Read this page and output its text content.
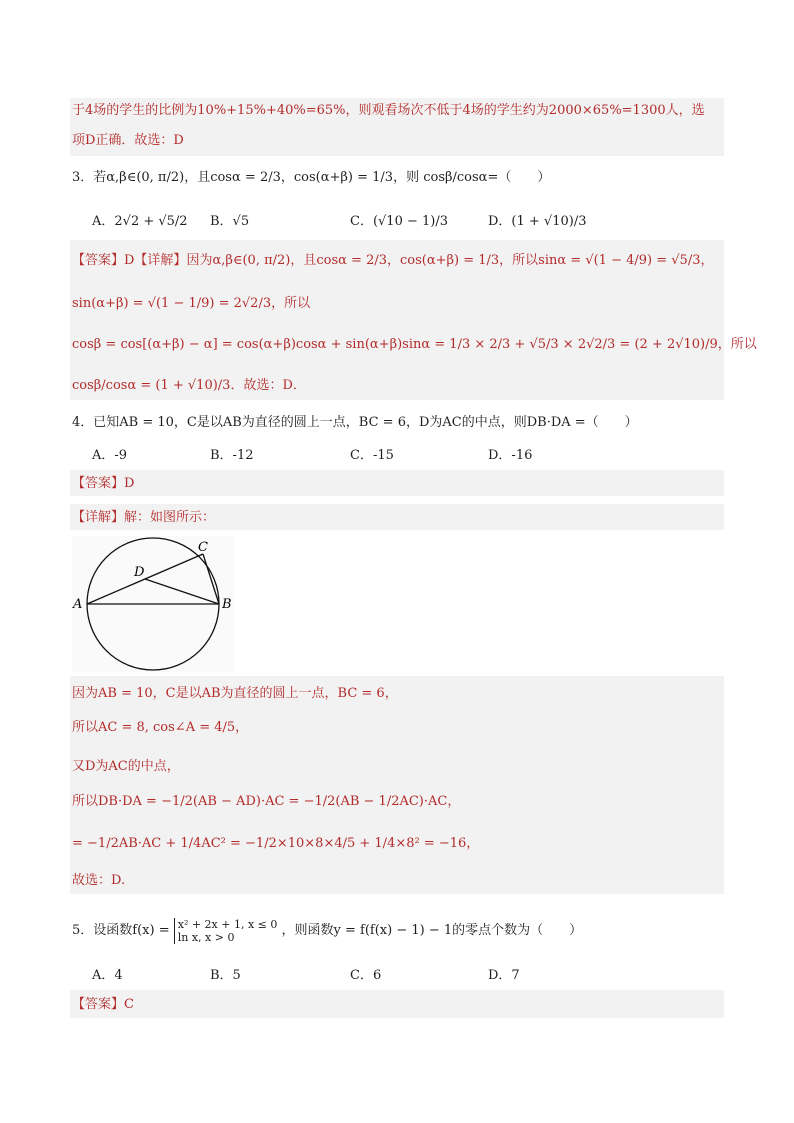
于4场的学生的比例为10%+15%+40%=65%，则观看场次不低于4场的学生约为2000×65%=1300人，选
项D正确．故选：D
3．若α,β∈(0, π/2)，且cosα = 2/3，cos(α+β) = 1/3，则 cosβ/cosα=（　　）
A．2√2 + √5/2 B．√5	C．(√10 − 1)/3	D．(1 + √10)/3
【答案】D【详解】因为α,β∈(0, π/2)，且cosα = 2/3，cos(α+β) = 1/3，所以sinα = √(1 − 4/9) = √5/3，
sin(α+β) = √(1 − 1/9) = 2√2/3，所以
cosβ = cos[(α+β) − α] = cos(α+β)cosα + sin(α+β)sinα = 1/3 × 2/3 + √5/3 × 2√2/3 = (2 + 2√10)/9，所以
cosβ/cosα = (1 + √10)/3．故选：D．
4．已知AB = 10，C是以AB为直径的圆上一点，BC = 6，D为AC的中点，则DB·DA =（　　）
A．-9	B．-12	C．-15	D．-16
【答案】D
【详解】解：如图所示：
A	B
C
D
因为AB = 10，C是以AB为直径的圆上一点，BC = 6，
所以AC = 8, cos∠A = 4/5，
又D为AC的中点，
所以DB·DA = −1/2(AB − AD)·AC = −1/2(AB − 1/2AC)·AC，
= −1/2AB·AC + 1/4AC² = −1/2×10×8×4/5 + 1/4×8² = −16，
故选：D.
5．设函数f(x) = x² + 2x + 1, x ≤ 0
ln x, x > 0	，则函数y = f(f(x) − 1) − 1的零点个数为（　　）
A．4	B．5	C．6	D．7
【答案】C
